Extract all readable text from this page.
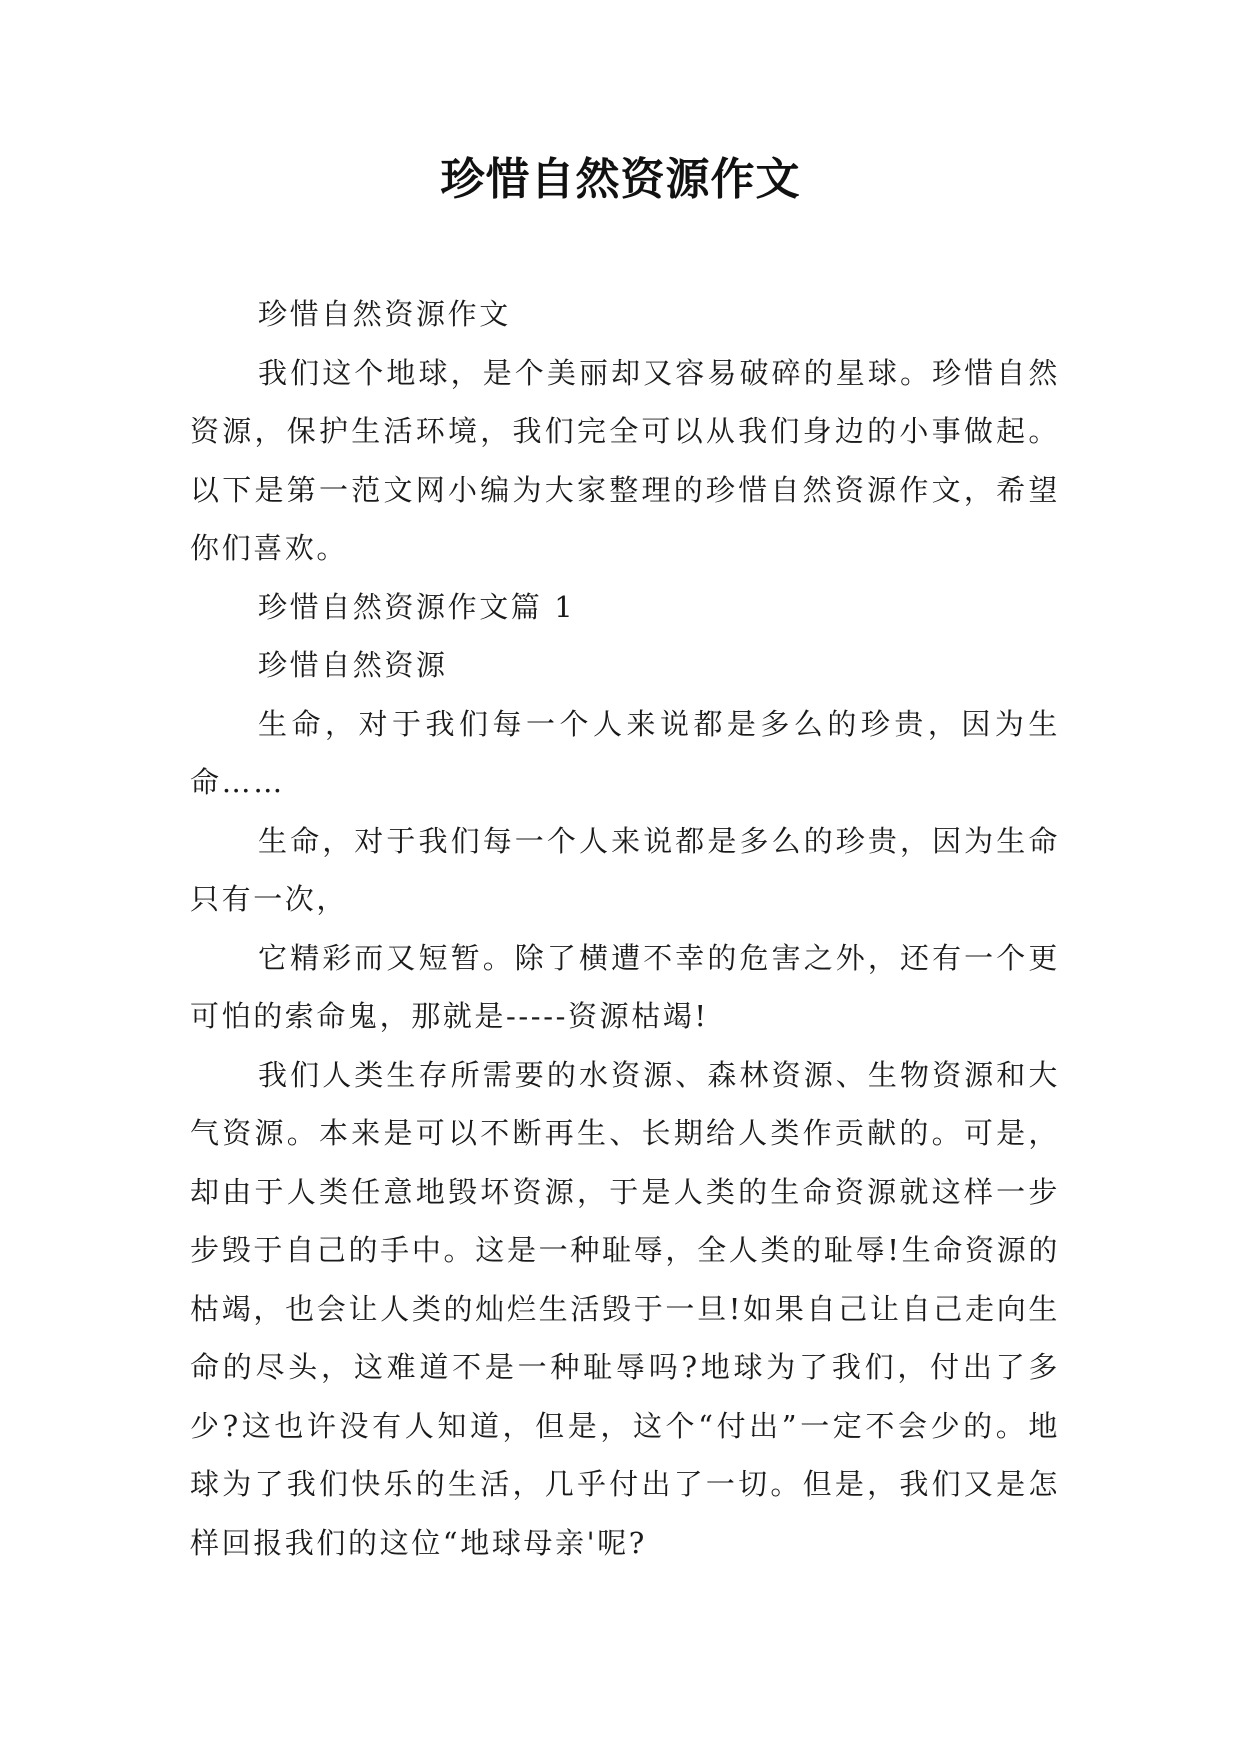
珍惜自然资源作文

珍惜自然资源作文

我们这个地球，是个美丽却又容易破碎的星球。珍惜自然资源，保护生活环境，我们完全可以从我们身边的小事做起。以下是第一范文网小编为大家整理的珍惜自然资源作文，希望你们喜欢。

珍惜自然资源作文篇 1

珍惜自然资源

生命，对于我们每一个人来说都是多么的珍贵，因为生命……

生命，对于我们每一个人来说都是多么的珍贵，因为生命只有一次，

它精彩而又短暂。除了横遭不幸的危害之外，还有一个更可怕的索命鬼，那就是-----资源枯竭!

我们人类生存所需要的水资源、森林资源、生物资源和大气资源。本来是可以不断再生、长期给人类作贡献的。可是，却由于人类任意地毁坏资源，于是人类的生命资源就这样一步步毁于自己的手中。这是一种耻辱，全人类的耻辱!生命资源的枯竭，也会让人类的灿烂生活毁于一旦!如果自己让自己走向生命的尽头，这难道不是一种耻辱吗?地球为了我们，付出了多少?这也许没有人知道，但是，这个“付出”一定不会少的。地球为了我们快乐的生活，几乎付出了一切。但是，我们又是怎样回报我们的这位“地球母亲'呢?
